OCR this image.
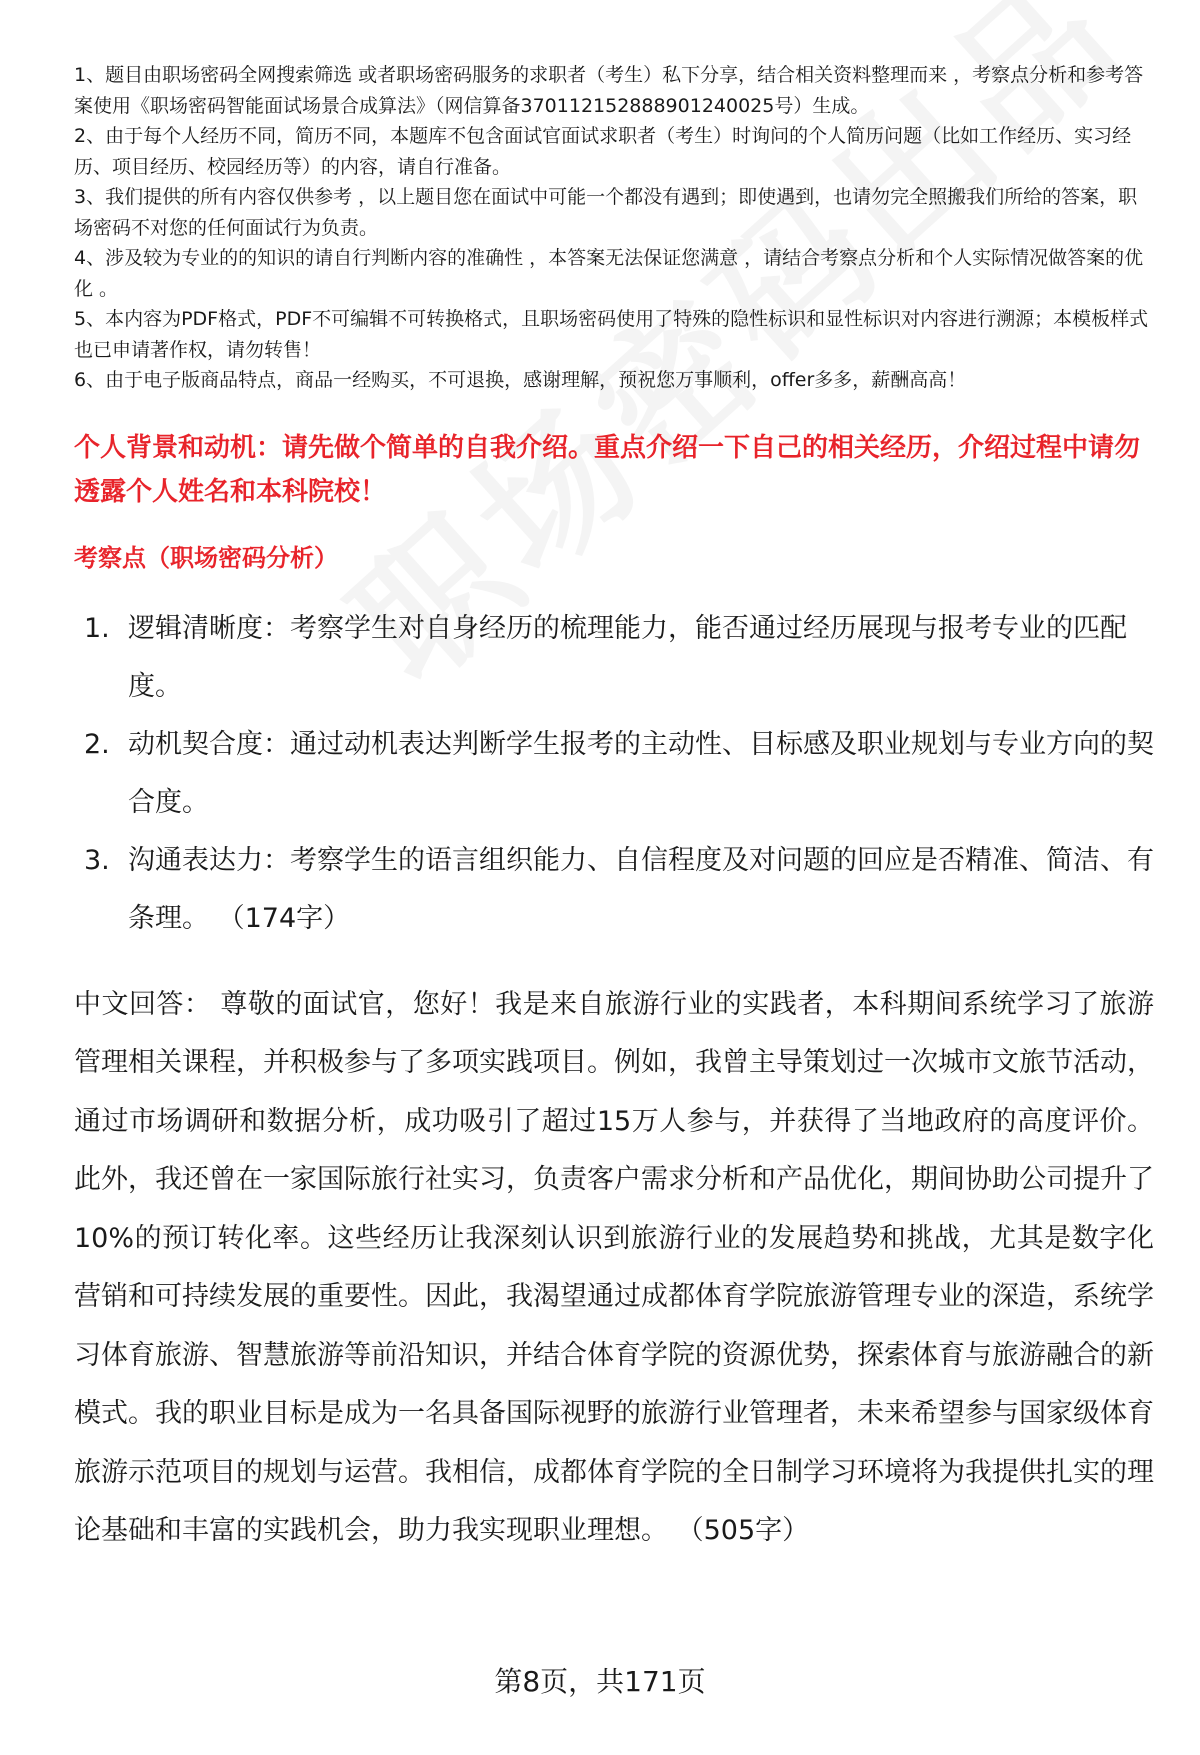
1、题目由职场密码全网搜索筛选 或者职场密码服务的求职者（考生）私下分享，结合相关资料整理而来 ，考察点分析和参考答案使用《职场密码智能面试场景合成算法》（网信算备370112152888901240025号）生成。

2、由于每个人经历不同，简历不同，本题库不包含面试官面试求职者（考生）时询问的个人简历问题（比如工作经历、实习经历、项目经历、校园经历等）的内容，请自行准备。

3、我们提供的所有内容仅供参考 ，以上题目您在面试中可能一个都没有遇到；即使遇到，也请勿完全照搬我们所给的答案，职场密码不对您的任何面试行为负责。

4、涉及较为专业的的知识的请自行判断内容的准确性 ，本答案无法保证您满意 ，请结合考察点分析和个人实际情况做答案的优化 。

5、本内容为PDF格式，PDF不可编辑不可转换格式，且职场密码使用了特殊的隐性标识和显性标识对内容进行溯源；本模板样式也已申请著作权，请勿转售！

6、由于电子版商品特点，商品一经购买，不可退换，感谢理解，预祝您万事顺利，offer多多，薪酬高高！

个人背景和动机：请先做个简单的自我介绍。重点介绍一下自己的相关经历，介绍过程中请勿透露个人姓名和本科院校！
考察点（职场密码分析）
1. 逻辑清晰度：考察学生对自身经历的梳理能力，能否通过经历展现与报考专业的匹配度。
2. 动机契合度：通过动机表达判断学生报考的主动性、目标感及职业规划与专业方向的契合度。
3. 沟通表达力：考察学生的语言组织能力、自信程度及对问题的回应是否精准、简洁、有条理。 （174字）
中文回答： 尊敬的面试官，您好！我是来自旅游行业的实践者，本科期间系统学习了旅游管理相关课程，并积极参与了多项实践项目。例如，我曾主导策划过一次城市文旅节活动，通过市场调研和数据分析，成功吸引了超过15万人参与，并获得了当地政府的高度评价。此外，我还曾在一家国际旅行社实习，负责客户需求分析和产品优化，期间协助公司提升了10%的预订转化率。这些经历让我深刻认识到旅游行业的发展趋势和挑战，尤其是数字化营销和可持续发展的重要性。因此，我渴望通过成都体育学院旅游管理专业的深造，系统学习体育旅游、智慧旅游等前沿知识，并结合体育学院的资源优势，探索体育与旅游融合的新模式。我的职业目标是成为一名具备国际视野的旅游行业管理者，未来希望参与国家级体育旅游示范项目的规划与运营。我相信，成都体育学院的全日制学习环境将为我提供扎实的理论基础和丰富的实践机会，助力我实现职业理想。 （505字）
第8页，共171页
